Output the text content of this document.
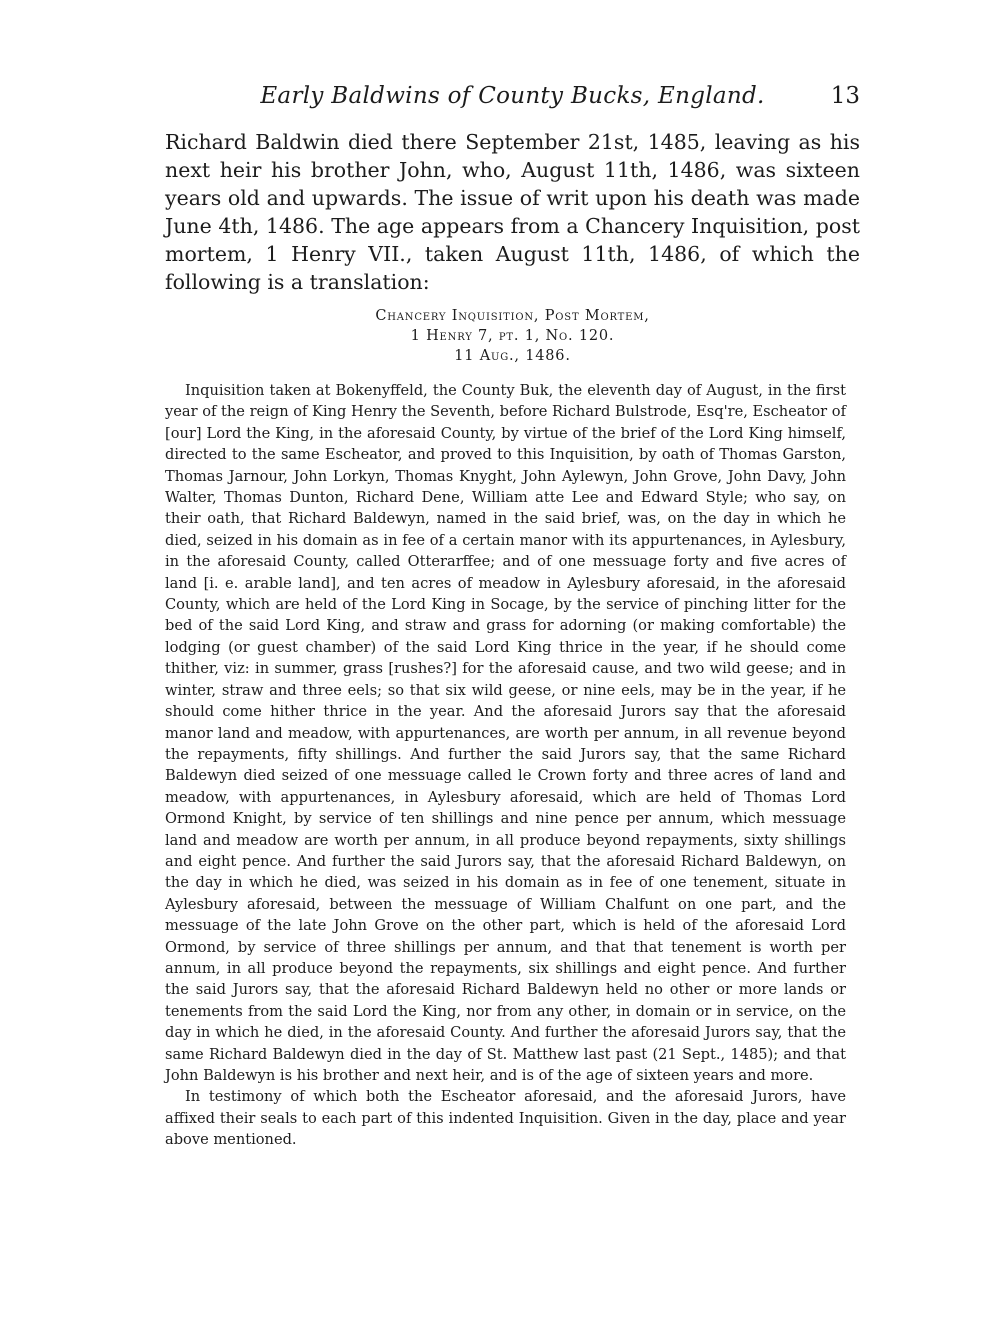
Early Baldwins of County Bucks, England.	13

Richard Baldwin died there September 21st, 1485, leaving as his next heir his brother John, who, August 11th, 1486, was sixteen years old and upwards. The issue of writ upon his death was made June 4th, 1486. The age appears from a Chancery Inquisition, post mortem, 1 Henry VII., taken August 11th, 1486, of which the following is a translation:

Chancery Inquisition, Post Mortem,
1 Henry 7, pt. 1, No. 120.
11 Aug., 1486.

Inquisition taken at Bokenyffeld, the County Buk, the eleventh day of August, in the first year of the reign of King Henry the Seventh, before Richard Bulstrode, Esq're, Escheator of [our] Lord the King, in the aforesaid County, by virtue of the brief of the Lord King himself, directed to the same Escheator, and proved to this Inquisition, by oath of Thomas Garston, Thomas Jarnour, John Lorkyn, Thomas Knyght, John Aylewyn, John Grove, John Davy, John Walter, Thomas Dunton, Richard Dene, William atte Lee and Edward Style; who say, on their oath, that Richard Baldewyn, named in the said brief, was, on the day in which he died, seized in his domain as in fee of a certain manor with its appurtenances, in Aylesbury, in the aforesaid County, called Otterarffee; and of one messuage forty and five acres of land [i. e. arable land], and ten acres of meadow in Aylesbury aforesaid, in the aforesaid County, which are held of the Lord King in Socage, by the service of pinching litter for the bed of the said Lord King, and straw and grass for adorning (or making comfortable) the lodging (or guest chamber) of the said Lord King thrice in the year, if he should come thither, viz: in summer, grass [rushes?] for the aforesaid cause, and two wild geese; and in winter, straw and three eels; so that six wild geese, or nine eels, may be in the year, if he should come hither thrice in the year. And the aforesaid Jurors say that the aforesaid manor land and meadow, with appurtenances, are worth per annum, in all revenue beyond the repayments, fifty shillings. And further the said Jurors say, that the same Richard Baldewyn died seized of one messuage called le Crown forty and three acres of land and meadow, with appurtenances, in Aylesbury aforesaid, which are held of Thomas Lord Ormond Knight, by service of ten shillings and nine pence per annum, which messuage land and meadow are worth per annum, in all produce beyond repayments, sixty shillings and eight pence. And further the said Jurors say, that the aforesaid Richard Baldewyn, on the day in which he died, was seized in his domain as in fee of one tenement, situate in Aylesbury aforesaid, between the messuage of William Chalfunt on one part, and the messuage of the late John Grove on the other part, which is held of the aforesaid Lord Ormond, by service of three shillings per annum, and that that tenement is worth per annum, in all produce beyond the repayments, six shillings and eight pence. And further the said Jurors say, that the aforesaid Richard Baldewyn held no other or more lands or tenements from the said Lord the King, nor from any other, in domain or in service, on the day in which he died, in the aforesaid County. And further the aforesaid Jurors say, that the same Richard Baldewyn died in the day of St. Matthew last past (21 Sept., 1485); and that John Baldewyn is his brother and next heir, and is of the age of sixteen years and more.

In testimony of which both the Escheator aforesaid, and the aforesaid Jurors, have affixed their seals to each part of this indented Inquisition. Given in the day, place and year above mentioned.
